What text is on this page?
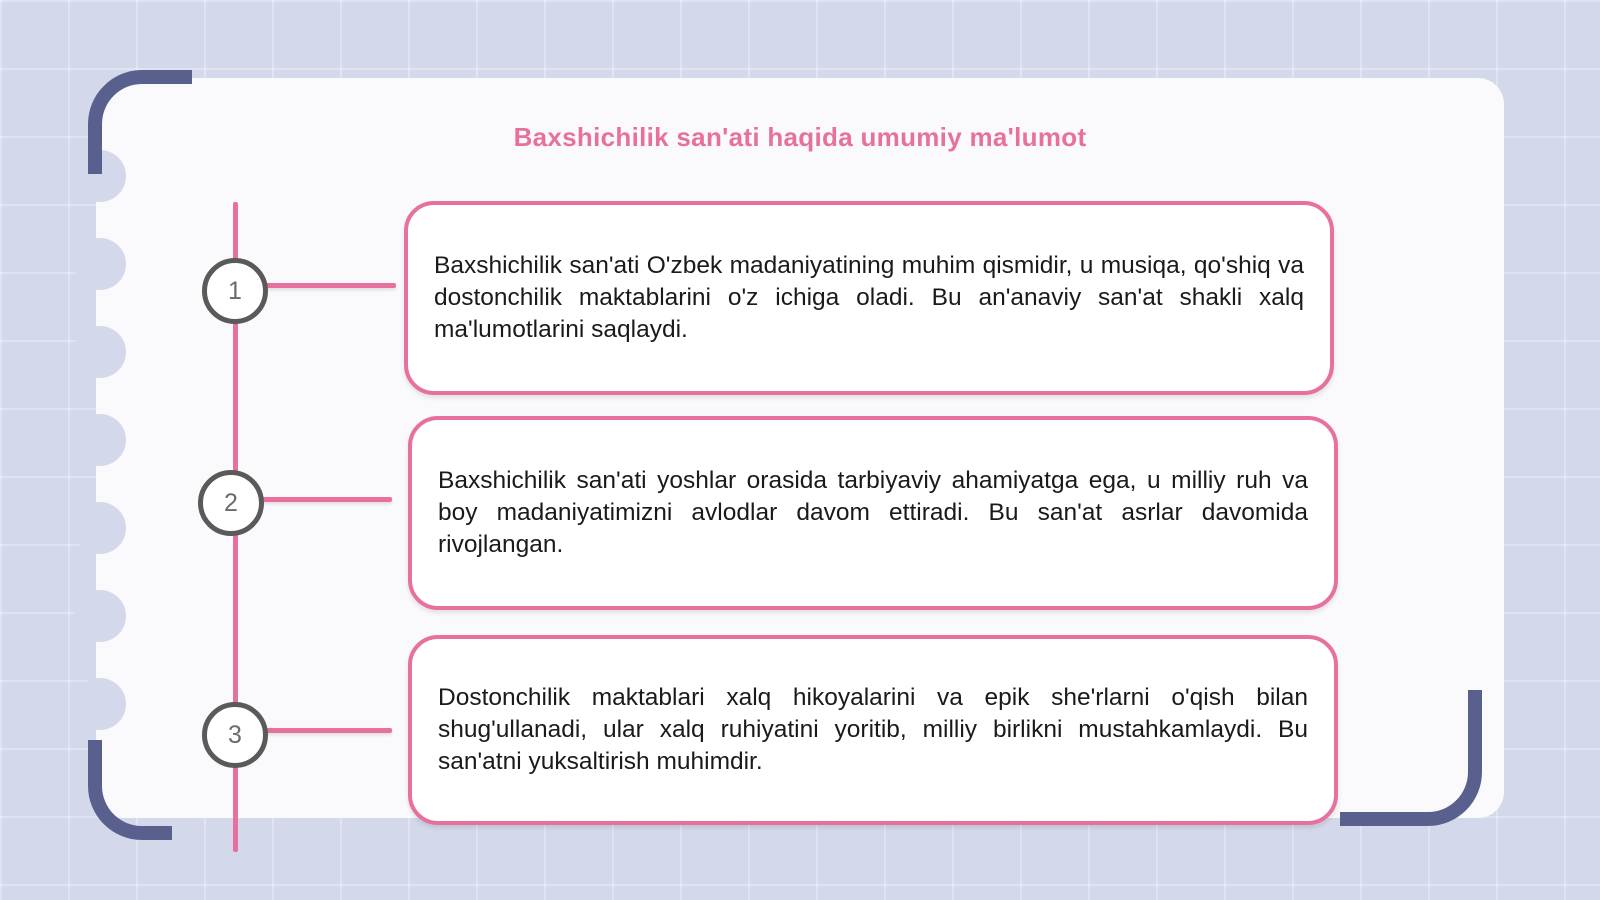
Baxshichilik san'ati haqida umumiy ma'lumot
1
2
3
Baxshichilik san'ati O'zbek madaniyatining muhim qismidir, u musiqa, qo'shiq va dostonchilik maktablarini o'z ichiga oladi. Bu an'anaviy san'at shakli xalq ma'lumotlarini saqlaydi.
Baxshichilik san'ati yoshlar orasida tarbiyaviy ahamiyatga ega, u milliy ruh va boy madaniyatimizni avlodlar davom ettiradi. Bu san'at asrlar davomida rivojlangan.
Dostonchilik maktablari xalq hikoyalarini va epik she'rlarni o'qish bilan shug'ullanadi, ular xalq ruhiyatini yoritib, milliy birlikni mustahkamlaydi. Bu san'atni yuksaltirish muhimdir.
